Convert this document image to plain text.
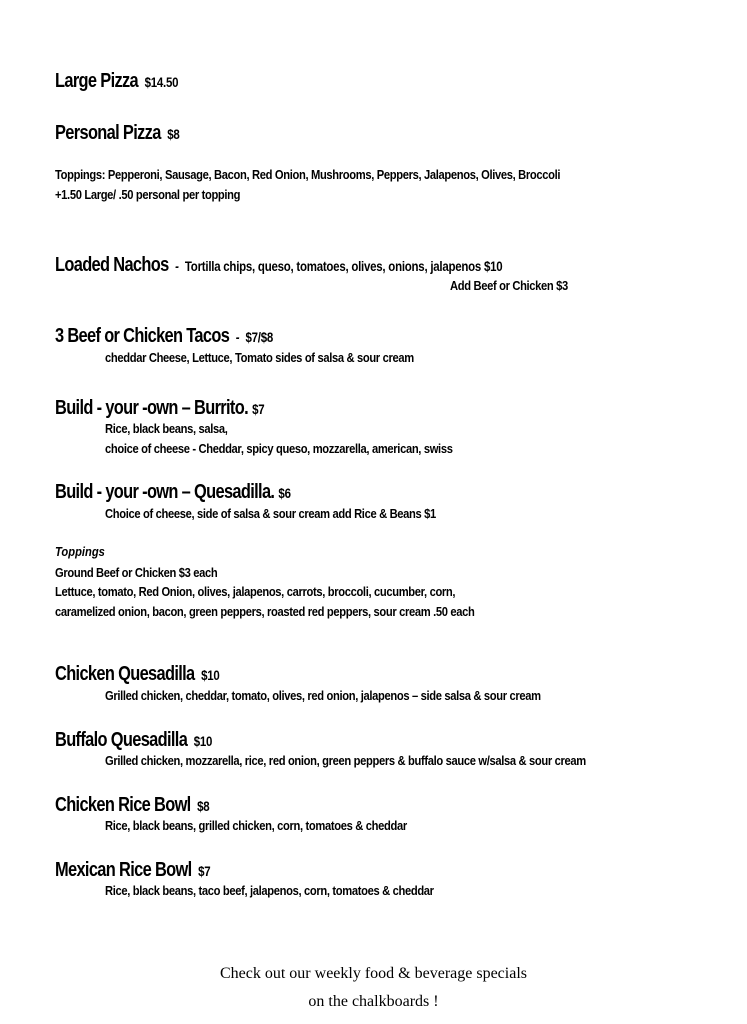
Large Pizza $14.50
Personal Pizza $8
Toppings: Pepperoni, Sausage, Bacon, Red Onion, Mushrooms, Peppers, Jalapenos, Olives, Broccoli
+1.50 Large/ .50 personal per topping
Loaded Nachos - Tortilla chips, queso, tomatoes, olives, onions, jalapenos $10
Add Beef or Chicken $3
3 Beef or Chicken Tacos - $7/$8
cheddar Cheese, Lettuce, Tomato sides of salsa & sour cream
Build - your -own – Burrito. $7
Rice, black beans, salsa,
choice of cheese - Cheddar, spicy queso, mozzarella, american, swiss
Build - your -own – Quesadilla. $6
Choice of cheese, side of salsa & sour cream add Rice & Beans $1
Toppings
Ground Beef or Chicken $3 each
Lettuce, tomato, Red Onion, olives, jalapenos, carrots, broccoli, cucumber, corn,
caramelized onion, bacon, green peppers, roasted red peppers, sour cream .50 each
Chicken Quesadilla $10
Grilled chicken, cheddar, tomato, olives, red onion, jalapenos – side salsa & sour cream
Buffalo Quesadilla $10
Grilled chicken, mozzarella, rice, red onion, green peppers & buffalo sauce w/salsa & sour cream
Chicken Rice Bowl $8
Rice, black beans, grilled chicken, corn, tomatoes & cheddar
Mexican Rice Bowl $7
Rice, black beans, taco beef, jalapenos, corn, tomatoes & cheddar
Check out our weekly food & beverage specials
on the chalkboards !
